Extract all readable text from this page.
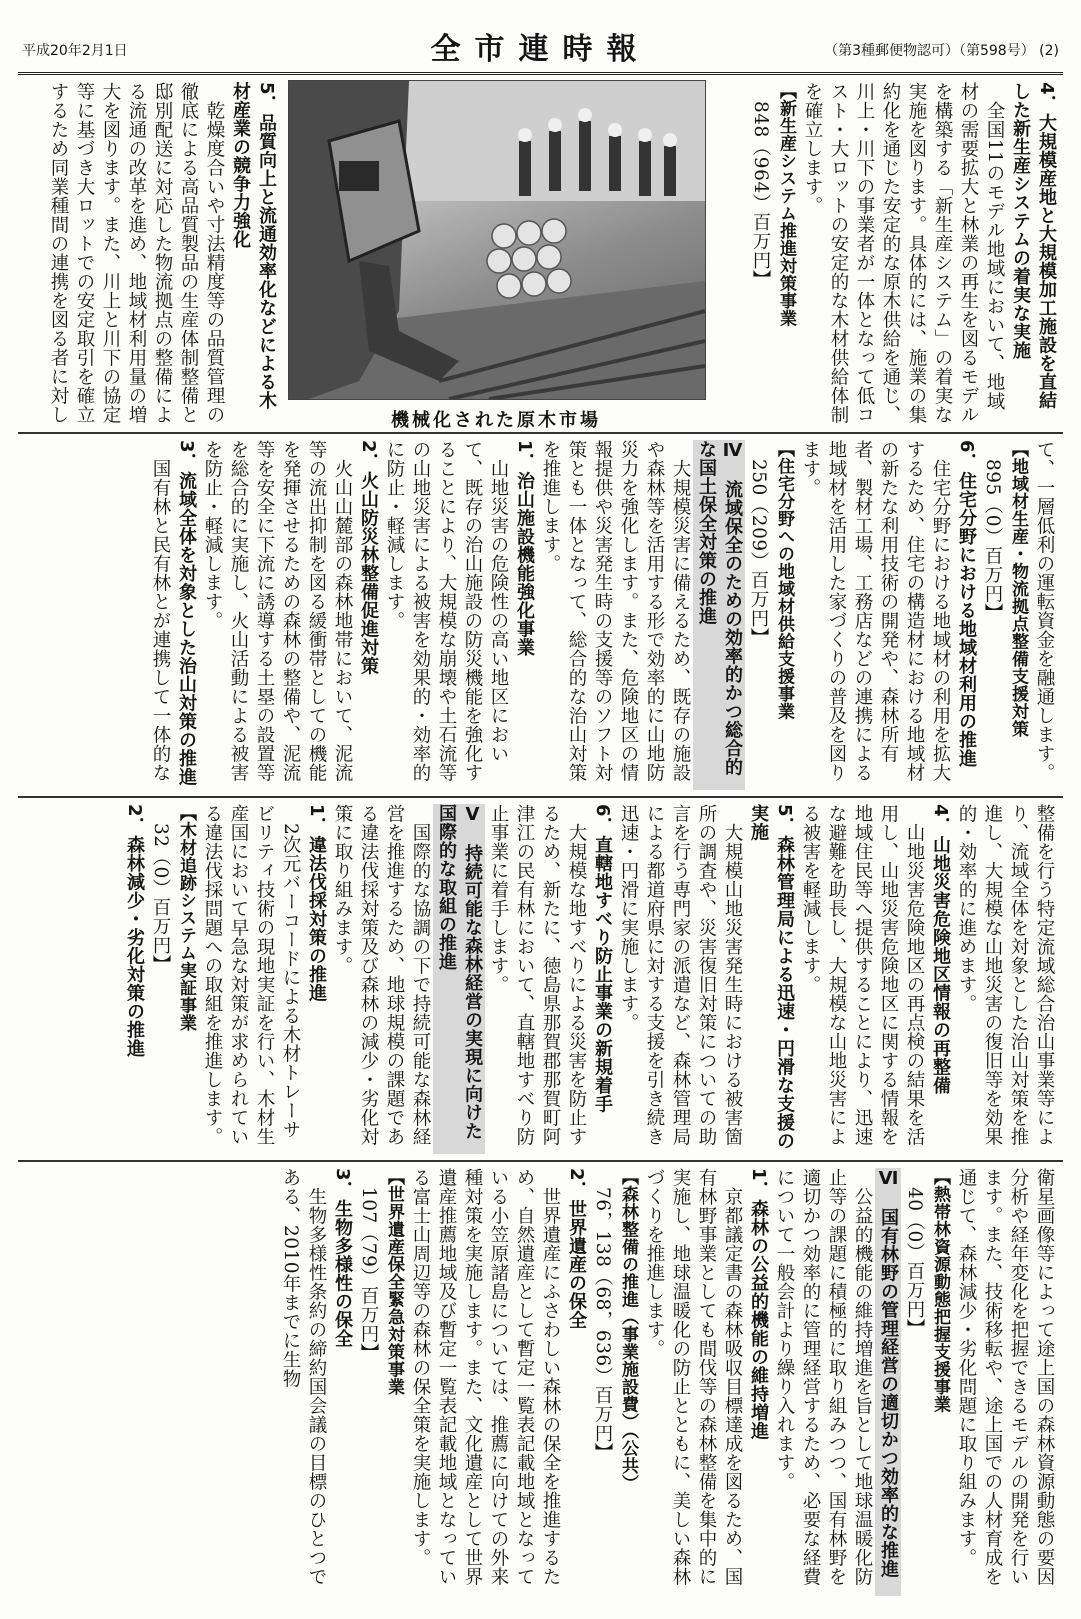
平成20年2月1日	全市連時報	（第3種郵便物認可）（第598号） (2)

4．大規模産地と大規模加工施設を直結した新生産システムの着実な実施

全国11のモデル地域において、地域材の需要拡大と林業の再生を図るモデルを構築する「新生産システム」の着実な実施を図ります。具体的には、施業の集約化を通じた安定的な原木供給を通じ、川上・川下の事業者が一体となって低コスト・大ロットの安定的な木材供給体制を確立します。

【新生産システム推進対策事業

848（964）百万円】

機械化された原木市場

5．品質向上と流通効率化などによる木材産業の競争力強化

乾燥度合いや寸法精度等の品質管理の徹底による高品質製品の生産体制整備と邸別配送に対応した物流拠点の整備による流通の改革を進め、地域材利用量の増大を図ります。また、川上と川下の協定等に基づき大ロットでの安定取引を確立するため同業種間の連携を図る者に対し

て、一層低利の運転資金を融通します。

【地域材生産・物流拠点整備支援対策

895（0）百万円】

6．住宅分野における地域材利用の推進

住宅分野における地域材の利用を拡大するため、住宅の構造材における地域材の新たな利用技術の開発や、森林所有者、製材工場、工務店などの連携による地域材を活用した家づくりの普及を図ります。

【住宅分野への地域材供給支援事業

250（209）百万円】

Ⅳ　流域保全のための効率的かつ総合的な国土保全対策の推進

大規模災害に備えるため、既存の施設や森林等を活用する形で効率的に山地防災力を強化します。また、危険地区の情報提供や災害発生時の支援等のソフト対策とも一体となって、総合的な治山対策を推進します。

1．治山施設機能強化事業

山地災害の危険性の高い地区において、既存の治山施設の防災機能を強化することにより、大規模な崩壊や土石流等の山地災害による被害を効果的・効率的に防止・軽減します。

2．火山防災林整備促進対策

火山山麓部の森林地帯において、泥流等の流出抑制を図る緩衝帯としての機能を発揮させるための森林の整備や、泥流等を安全に下流に誘導する土塁の設置等を総合的に実施し、火山活動による被害を防止・軽減します。

3．流域全体を対象とした治山対策の推進

国有林と民有林とが連携して一体的な

整備を行う特定流域総合治山事業等により、流域全体を対象とした治山対策を推進し、大規模な山地災害の復旧等を効果的・効率的に進めます。

4．山地災害危険地区情報の再整備

山地災害危険地区の再点検の結果を活用し、山地災害危険地区に関する情報を地域住民等へ提供することにより、迅速な避難を助長し、大規模な山地災害による被害を軽減します。

5．森林管理局による迅速・円滑な支援の実施

大規模山地災害発生時における被害箇所の調査や、災害復旧対策についての助言を行う専門家の派遣など、森林管理局による都道府県に対する支援を引き続き迅速・円滑に実施します。

6．直轄地すべり防止事業の新規着手

大規模な地すべりによる災害を防止するため、新たに、徳島県那賀郡那賀町阿津江の民有林において、直轄地すべり防止事業に着手します。

Ⅴ　持続可能な森林経営の実現に向けた国際的な取組の推進

国際的な協調の下で持続可能な森林経営を推進するため、地球規模の課題である違法伐採対策及び森林の減少・劣化対策に取り組みます。

1．違法伐採対策の推進

2次元バーコードによる木材トレーサビリティ技術の現地実証を行い、木材生産国において早急な対策が求められている違法伐採問題への取組を推進します。

【木材追跡システム実証事業

32（0）百万円】

2．森林減少・劣化対策の推進

衛星画像等によって途上国の森林資源動態の要因分析や経年変化を把握できるモデルの開発を行います。また、技術移転や、途上国での人材育成を通じて、森林減少・劣化問題に取り組みます。

【熱帯林資源動態把握支援事業

40（0）百万円】

Ⅵ　国有林野の管理経営の適切かつ効率的な推進

公益的機能の維持増進を旨として地球温暖化防止等の課題に積極的に取り組みつつ、国有林野を適切かつ効率的に管理経営するため、必要な経費について一般会計より繰り入れます。

1．森林の公益的機能の維持増進

京都議定書の森林吸収目標達成を図るため、国有林野事業としても間伐等の森林整備を集中的に実施し、地球温暖化の防止とともに、美しい森林づくりを推進します。

【森林整備の推進（事業施設費）（公共）

76，138（68，636）百万円】

2．世界遺産の保全

世界遺産にふさわしい森林の保全を推進するため、自然遺産として暫定一覧表記載地域となっている小笠原諸島については、推薦に向けての外来種対策を実施します。また、文化遺産として世界遺産推薦地域及び暫定一覧表記載地域となっている富士山周辺等の森林の保全策を実施します。

【世界遺産保全緊急対策事業

107（79）百万円】

3．生物多様性の保全

生物多様性条約の締約国会議の目標のひとつである、2010年までに生物
